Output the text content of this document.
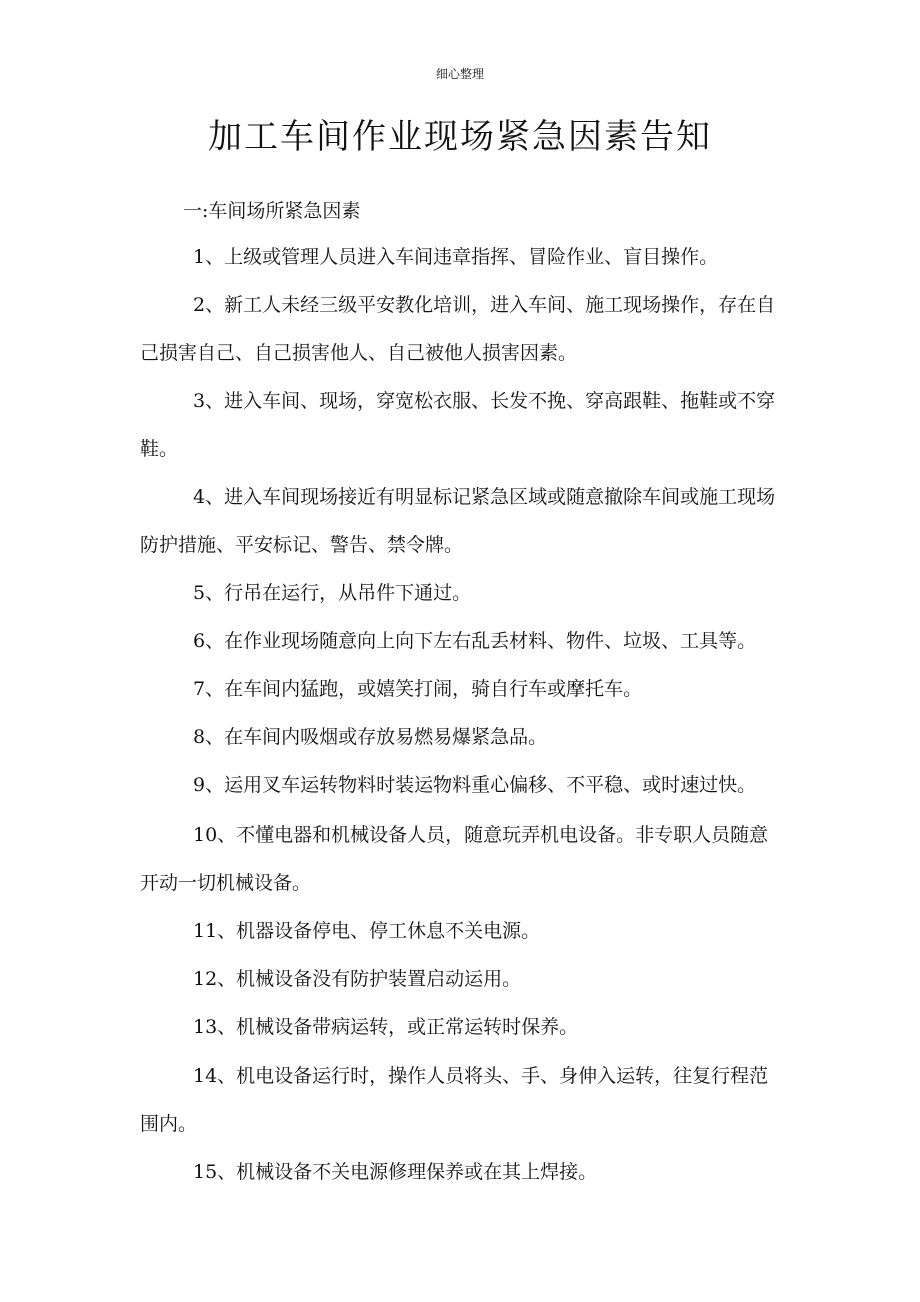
细心整理
加工车间作业现场紧急因素告知

一:车间场所紧急因素

1、上级或管理人员进入车间违章指挥、冒险作业、盲目操作。

2、新工人未经三级平安教化培训，进入车间、施工现场操作，存在自己损害自己、自己损害他人、自己被他人损害因素。

3、进入车间、现场，穿宽松衣服、长发不挽、穿高跟鞋、拖鞋或不穿鞋。

4、进入车间现场接近有明显标记紧急区域或随意撤除车间或施工现场防护措施、平安标记、警告、禁令牌。

5、行吊在运行，从吊件下通过。

6、在作业现场随意向上向下左右乱丢材料、物件、垃圾、工具等。

7、在车间内猛跑，或嬉笑打闹，骑自行车或摩托车。

8、在车间内吸烟或存放易燃易爆紧急品。

9、运用叉车运转物料时装运物料重心偏移、不平稳、或时速过快。

10、不懂电器和机械设备人员，随意玩弄机电设备。非专职人员随意开动一切机械设备。

11、机器设备停电、停工休息不关电源。

12、机械设备没有防护装置启动运用。

13、机械设备带病运转，或正常运转时保养。

14、机电设备运行时，操作人员将头、手、身伸入运转，往复行程范围内。

15、机械设备不关电源修理保养或在其上焊接。
